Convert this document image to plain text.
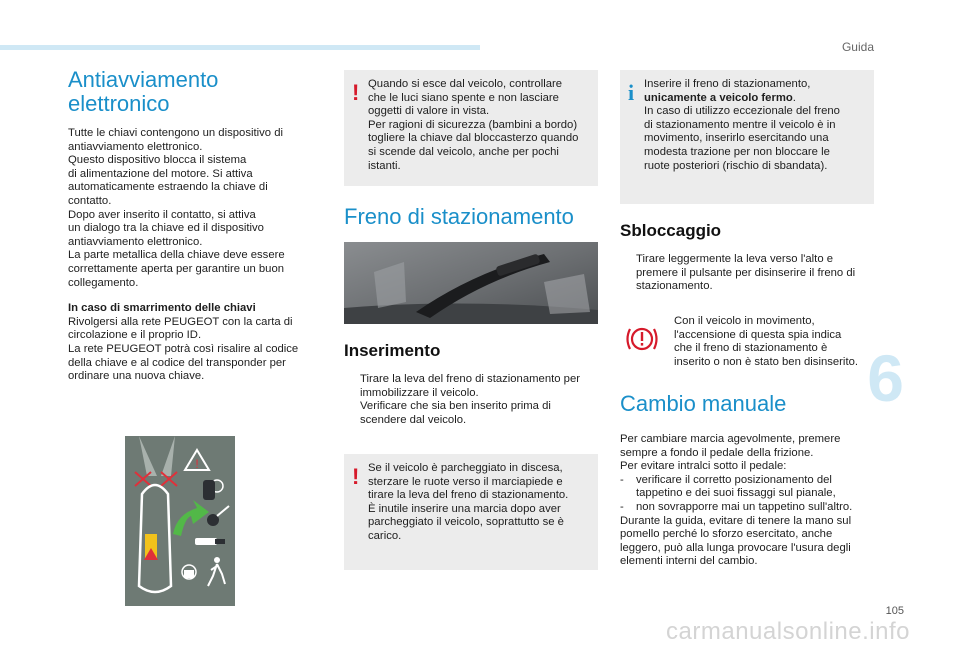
Guida
6
105
carmanualsonline.info
Antiavviamento
elettronico

Tutte le chiavi contengono un dispositivo di
antiavviamento elettronico.
Questo dispositivo blocca il sistema
di alimentazione del motore. Si attiva
automaticamente estraendo la chiave di
contatto.
Dopo aver inserito il contatto, si attiva
un dialogo tra la chiave ed il dispositivo
antiavviamento elettronico.
La parte metallica della chiave deve essere
correttamente aperta per garantire un buon
collegamento.

In caso di smarrimento delle chiavi

Rivolgersi alla rete PEUGEOT con la carta di
circolazione e il proprio ID.
La rete PEUGEOT potrà così risalire al codice
della chiave e al codice del transponder per
ordinare una nuova chiave.

!
! Quando si esce dal veicolo, controllare
che le luci siano spente e non lasciare
oggetti di valore in vista.
Per ragioni di sicurezza (bambini a bordo)
togliere la chiave dal bloccasterzo quando
si scende dal veicolo, anche per pochi
istanti.

Freno di stazionamento
Inserimento
Tirare la leva del freno di stazionamento per
immobilizzare il veicolo.
Verificare che sia ben inserito prima di
scendere dal veicolo.
! Se il veicolo è parcheggiato in discesa,
sterzare le ruote verso il marciapiede e
tirare la leva del freno di stazionamento.
È inutile inserire una marcia dopo aver
parcheggiato il veicolo, soprattutto se è
carico.

i Inserire il freno di stazionamento,
unicamente a veicolo fermo.
In caso di utilizzo eccezionale del freno
di stazionamento mentre il veicolo è in
movimento, inserirlo esercitando una
modesta trazione per non bloccare le
ruote posteriori (rischio di sbandata).

Sbloccaggio
Tirare leggermente la leva verso l'alto e
premere il pulsante per disinserire il freno di
stazionamento.

Con il veicolo in movimento,
l'accensione di questa spia indica
che il freno di stazionamento è
inserito o non è stato ben disinserito.

Cambio manuale

Per cambiare marcia agevolmente, premere
sempre a fondo il pedale della frizione.
Per evitare intralci sotto il pedale:

-	verificare il corretto posizionamento del
tappetino e dei suoi fissaggi sul pianale,
-	non sovrapporre mai un tappetino sull'altro.

Durante la guida, evitare di tenere la mano sul
pomello perché lo sforzo esercitato, anche
leggero, può alla lunga provocare l'usura degli
elementi interni del cambio.
